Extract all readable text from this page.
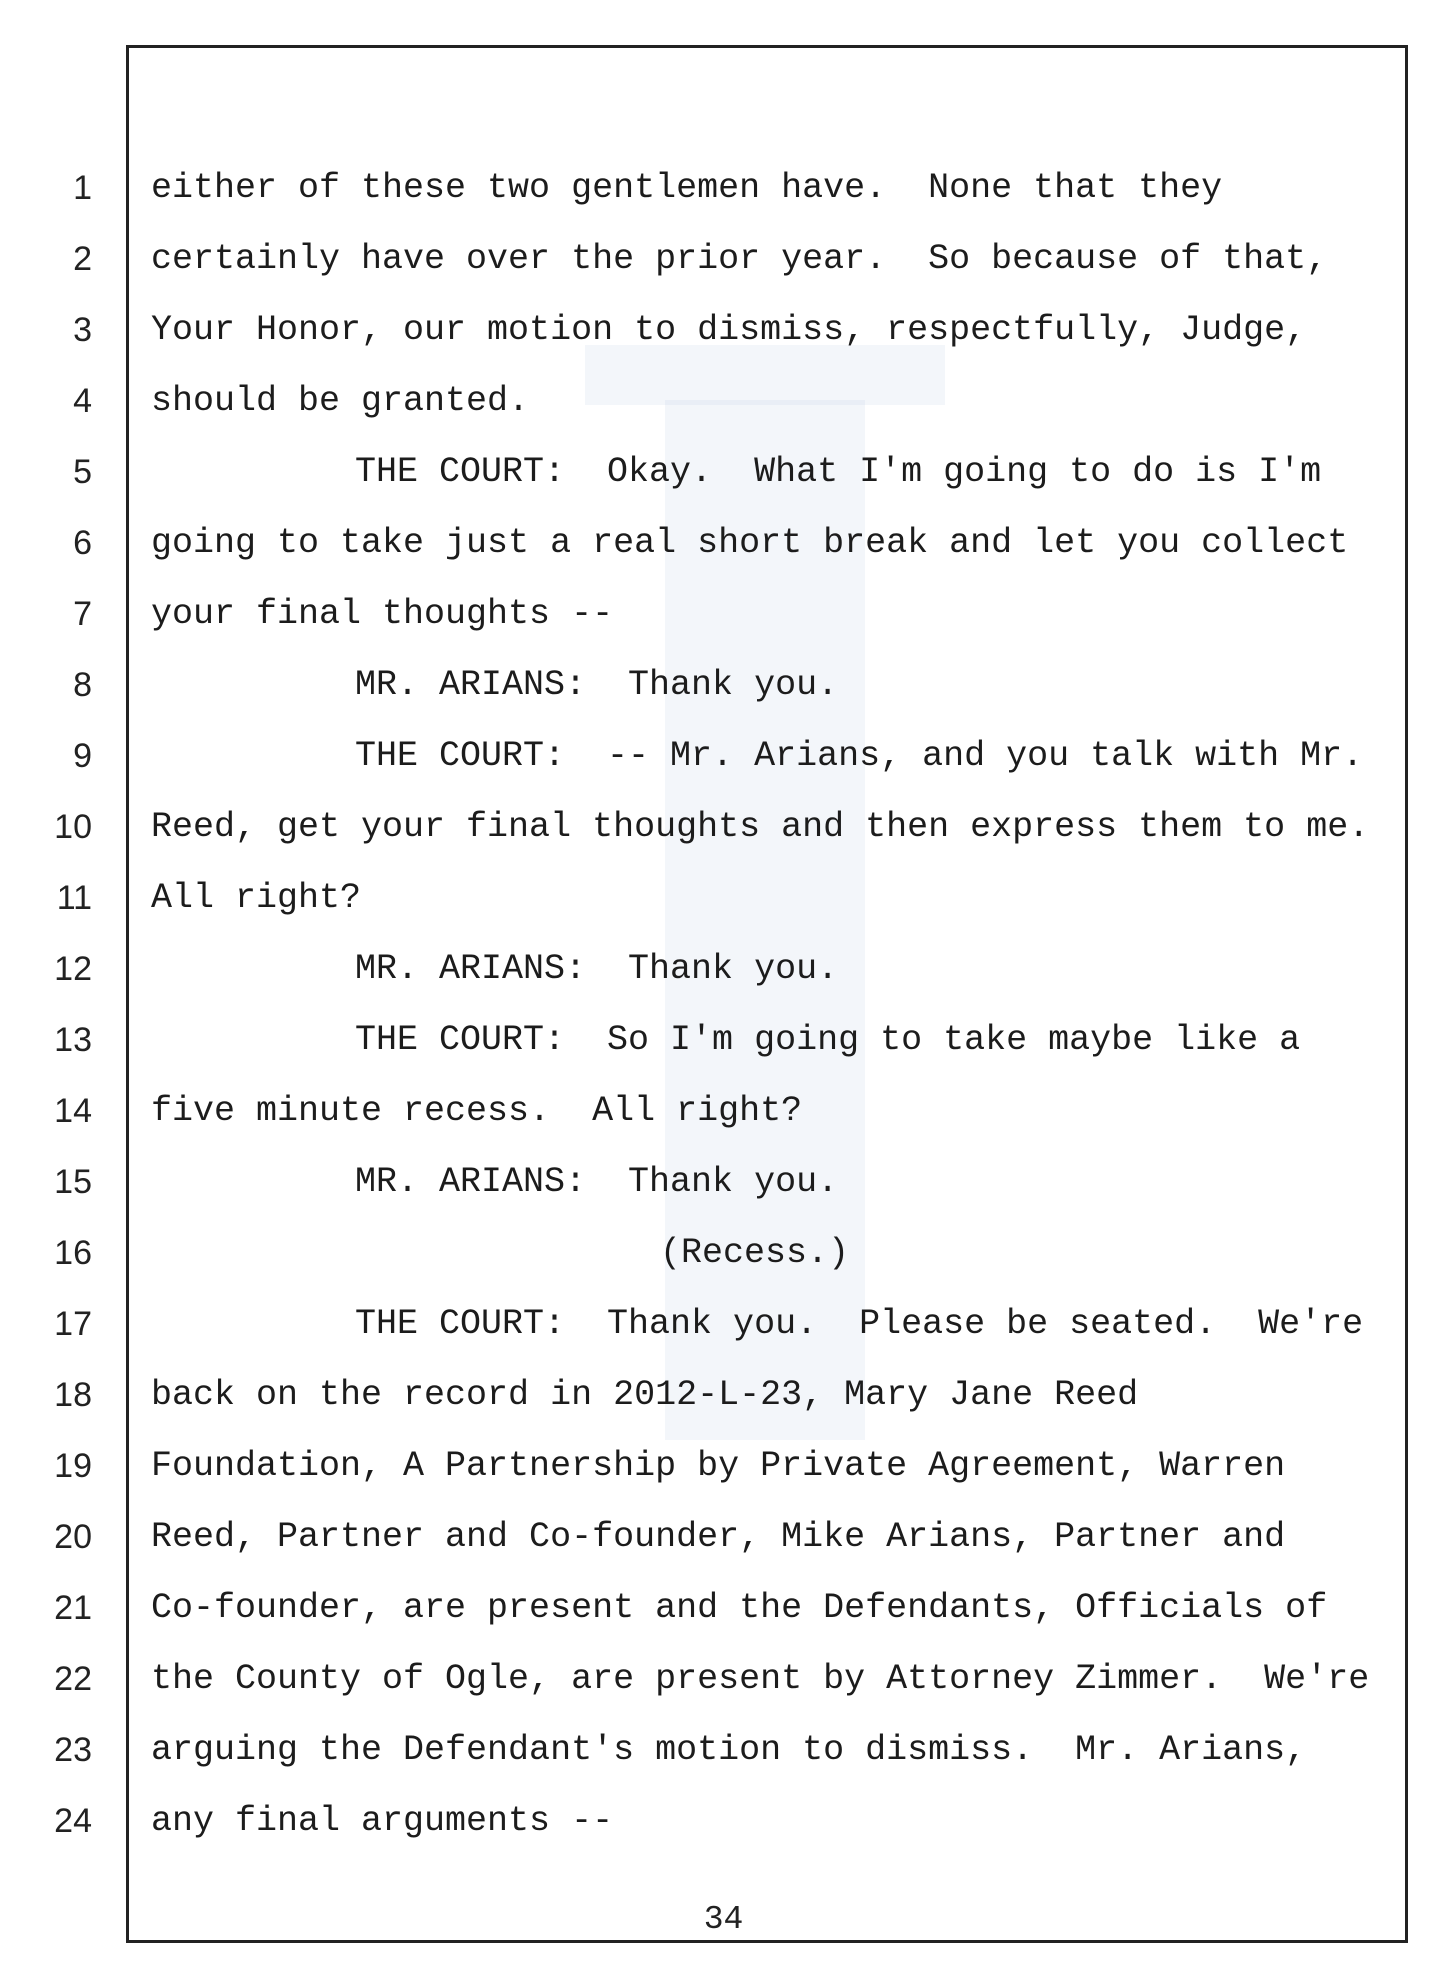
1 either of these two gentlemen have.  None that they
2 certainly have over the prior year.  So because of that,
3 Your Honor, our motion to dismiss, respectfully, Judge,
4 should be granted.
5	THE COURT:  Okay.  What I'm going to do is I'm
6 going to take just a real short break and let you collect
7 your final thoughts --
8	MR. ARIANS:  Thank you.
9	THE COURT:  -- Mr. Arians, and you talk with Mr.
10 Reed, get your final thoughts and then express them to me.
11 All right?
12	MR. ARIANS:  Thank you.
13	THE COURT:  So I'm going to take maybe like a
14 five minute recess.  All right?
15	MR. ARIANS:  Thank you.
16	(Recess.)
17	THE COURT:  Thank you.  Please be seated.  We're
18 back on the record in 2012-L-23, Mary Jane Reed
19 Foundation, A Partnership by Private Agreement, Warren
20 Reed, Partner and Co-founder, Mike Arians, Partner and
21 Co-founder, are present and the Defendants, Officials of
22 the County of Ogle, are present by Attorney Zimmer.  We're
23 arguing the Defendant's motion to dismiss.  Mr. Arians,
24 any final arguments --
34
